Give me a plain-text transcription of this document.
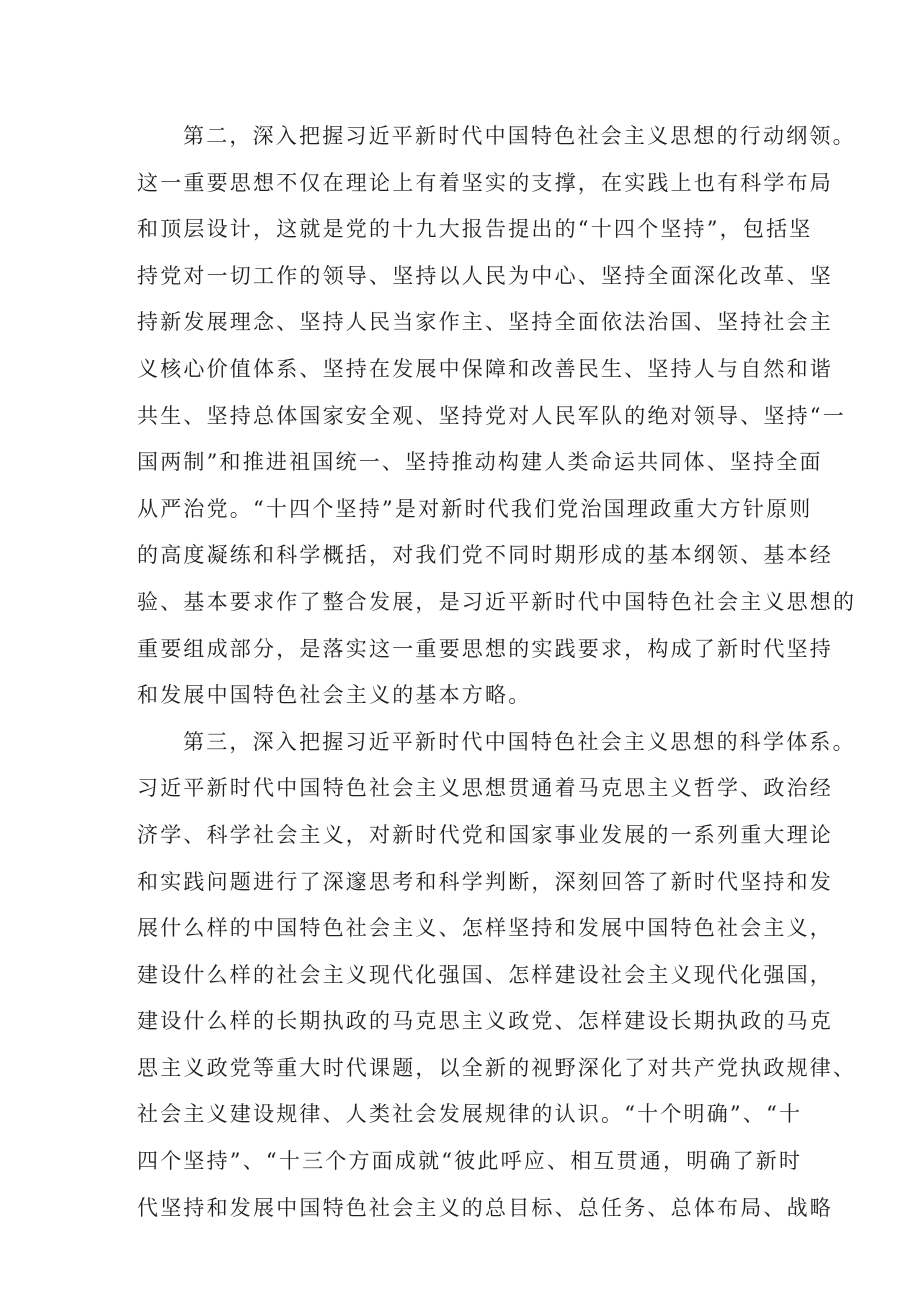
第二，深入把握习近平新时代中国特色社会主义思想的行动纲领。
这一重要思想不仅在理论上有着坚实的支撑，在实践上也有科学布局
和顶层设计，这就是党的十九大报告提出的“十四个坚持”，包括坚
持党对一切工作的领导、坚持以人民为中心、坚持全面深化改革、坚
持新发展理念、坚持人民当家作主、坚持全面依法治国、坚持社会主
义核心价值体系、坚持在发展中保障和改善民生、坚持人与自然和谐
共生、坚持总体国家安全观、坚持党对人民军队的绝对领导、坚持“一
国两制”和推进祖国统一、坚持推动构建人类命运共同体、坚持全面
从严治党。“十四个坚持”是对新时代我们党治国理政重大方针原则
的高度凝练和科学概括，对我们党不同时期形成的基本纲领、基本经
验、基本要求作了整合发展，是习近平新时代中国特色社会主义思想的
重要组成部分，是落实这一重要思想的实践要求，构成了新时代坚持
和发展中国特色社会主义的基本方略。
第三，深入把握习近平新时代中国特色社会主义思想的科学体系。
习近平新时代中国特色社会主义思想贯通着马克思主义哲学、政治经
济学、科学社会主义，对新时代党和国家事业发展的一系列重大理论
和实践问题进行了深邃思考和科学判断，深刻回答了新时代坚持和发
展什么样的中国特色社会主义、怎样坚持和发展中国特色社会主义，
建设什么样的社会主义现代化强国、怎样建设社会主义现代化强国，
建设什么样的长期执政的马克思主义政党、怎样建设长期执政的马克
思主义政党等重大时代课题，以全新的视野深化了对共产党执政规律、
社会主义建设规律、人类社会发展规律的认识。“十个明确”、“十
四个坚持”、“十三个方面成就“彼此呼应、相互贯通，明确了新时
代坚持和发展中国特色社会主义的总目标、总任务、总体布局、战略
